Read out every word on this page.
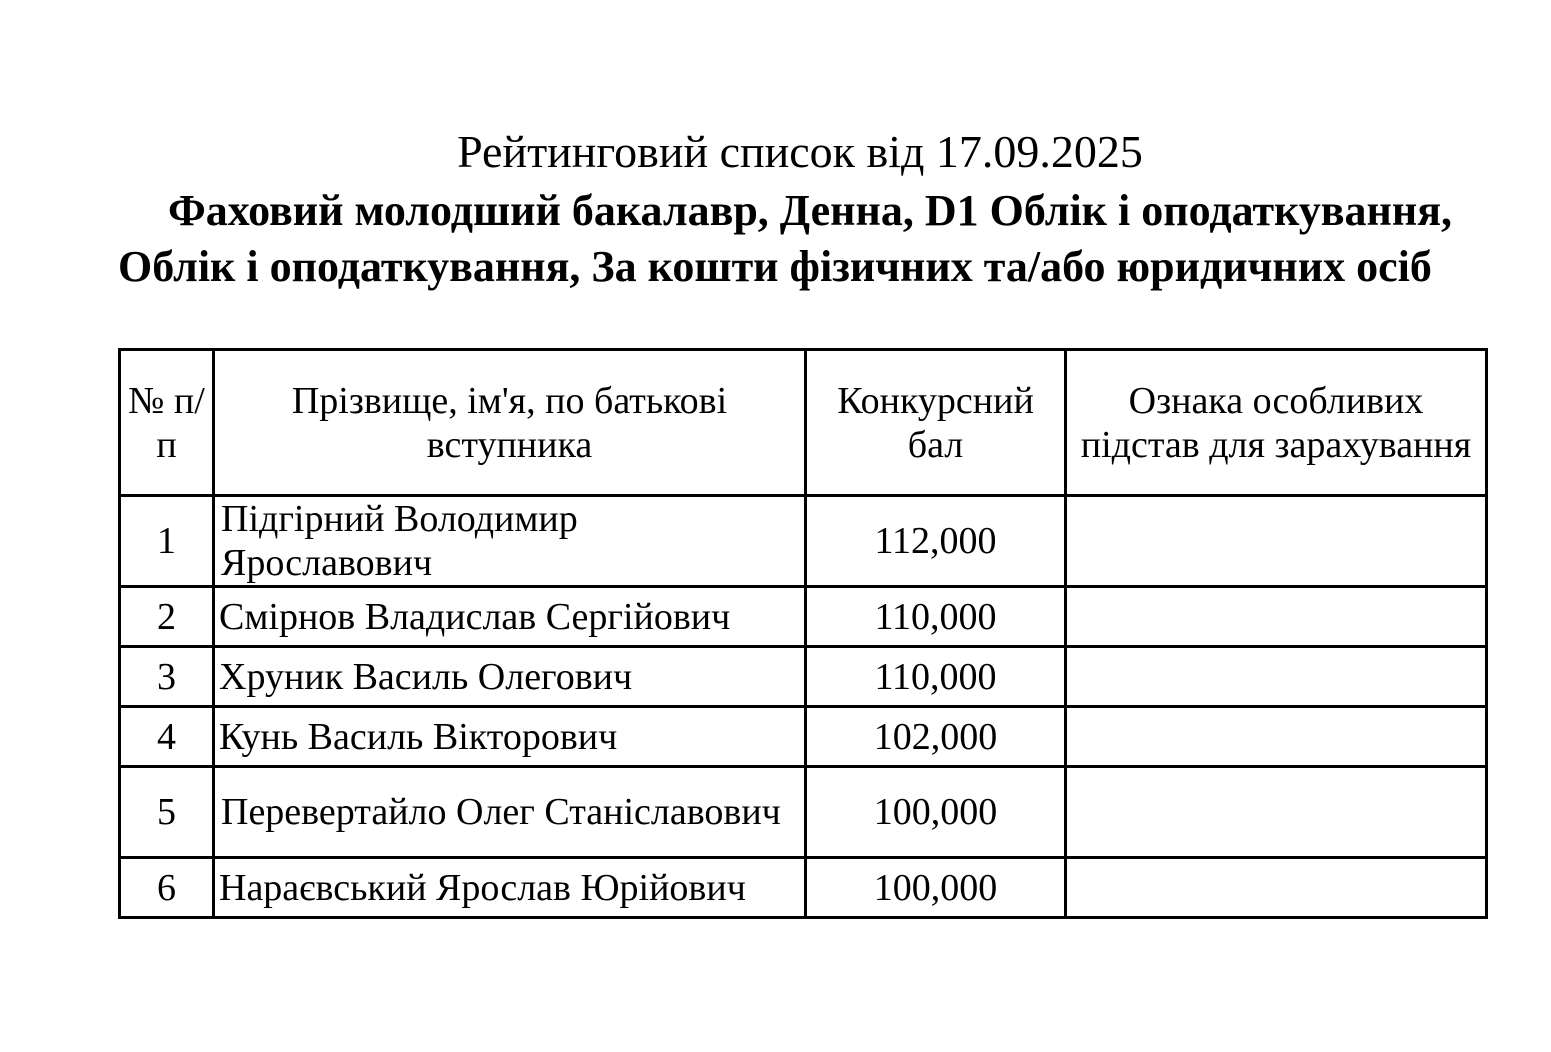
Рейтинговий список від 17.09.2025

Фаховий молодший бакалавр, Денна, D1 Облік і оподаткування, Облік і оподаткування, За кошти фізичних та/або юридичних осіб

№ п/п	Прізвище, ім'я, по батькові вступника	Конкурсний бал	Ознака особливих підстав для зарахування
1	Підгірний Володимир Ярославович	112,000	
2	Смірнов Владислав Сергійович	110,000	
3	Хруник Василь Олегович	110,000	
4	Кунь Василь Вікторович	102,000	
5	Перевертайло Олег Станіславович	100,000	
6	Нараєвський Ярослав Юрійович	100,000	
